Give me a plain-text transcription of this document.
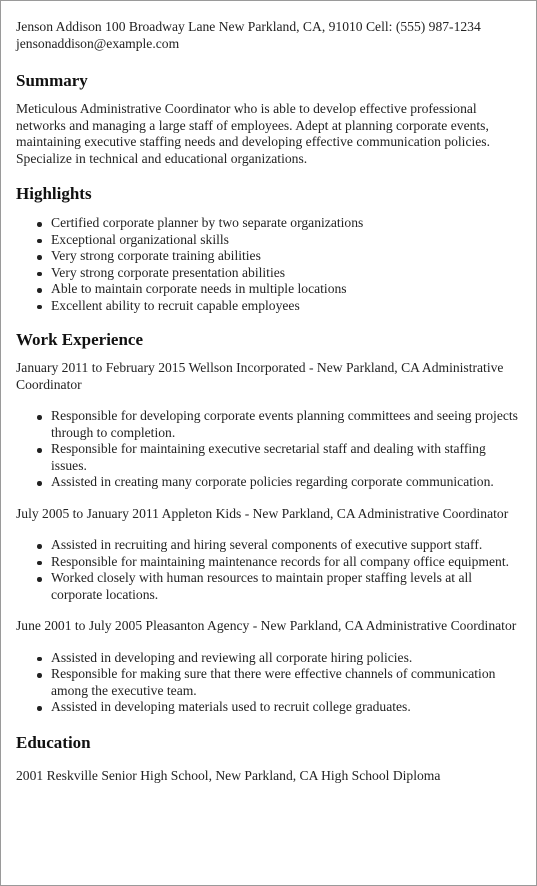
Jenson Addison 100 Broadway Lane New Parkland, CA, 91010 Cell: (555) 987-1234

jensonaddison@example.com

Summary

Meticulous Administrative Coordinator who is able to develop effective professional networks and managing a large staff of employees. Adept at planning corporate events, maintaining executive staffing needs and developing effective communication policies. Specialize in technical and educational organizations.

Highlights
Certified corporate planner by two separate organizations
Exceptional organizational skills
Very strong corporate training abilities
Very strong corporate presentation abilities
Able to maintain corporate needs in multiple locations
Excellent ability to recruit capable employees
Work Experience

January 2011 to February 2015 Wellson Incorporated - New Parkland, CA Administrative Coordinator

Responsible for developing corporate events planning committees and seeing projects through to completion.
Responsible for maintaining executive secretarial staff and dealing with staffing issues.
Assisted in creating many corporate policies regarding corporate communication.

July 2005 to January 2011 Appleton Kids - New Parkland, CA Administrative Coordinator

Assisted in recruiting and hiring several components of executive support staff.
Responsible for maintaining maintenance records for all company office equipment.
Worked closely with human resources to maintain proper staffing levels at all corporate locations.

June 2001 to July 2005 Pleasanton Agency - New Parkland, CA Administrative Coordinator

Assisted in developing and reviewing all corporate hiring policies.
Responsible for making sure that there were effective channels of communication among the executive team.
Assisted in developing materials used to recruit college graduates.
Education

2001 Reskville Senior High School, New Parkland, CA High School Diploma
